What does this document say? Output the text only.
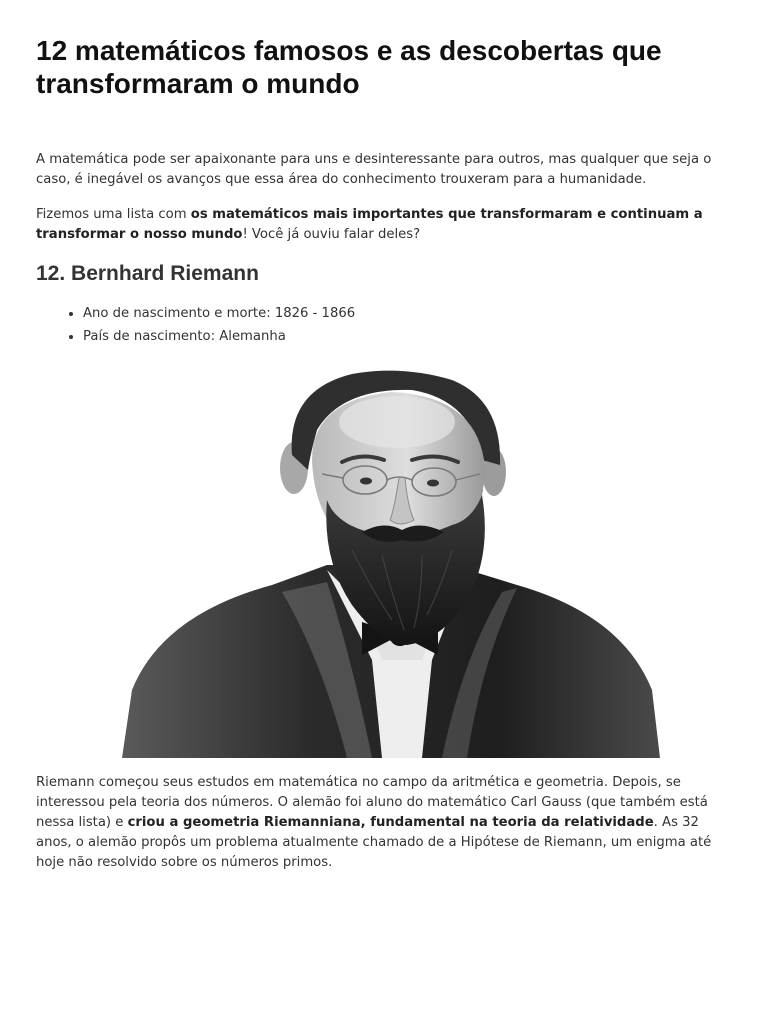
12 matemáticos famosos e as descobertas que transformaram o mundo

A matemática pode ser apaixonante para uns e desinteressante para outros, mas qualquer que seja o caso, é inegável os avanços que essa área do conhecimento trouxeram para a humanidade.

Fizemos uma lista com os matemáticos mais importantes que transformaram e continuam a transformar o nosso mundo! Você já ouviu falar deles?

12. Bernhard Riemann
• Ano de nascimento e morte: 1826 - 1866
• País de nascimento: Alemanha

Riemann começou seus estudos em matemática no campo da aritmética e geometria. Depois, se interessou pela teoria dos números. O alemão foi aluno do matemático Carl Gauss (que também está nessa lista) e criou a geometria Riemanniana, fundamental na teoria da relatividade. As 32 anos, o alemão propôs um problema atualmente chamado de a Hipótese de Riemann, um enigma até hoje não resolvido sobre os números primos.
